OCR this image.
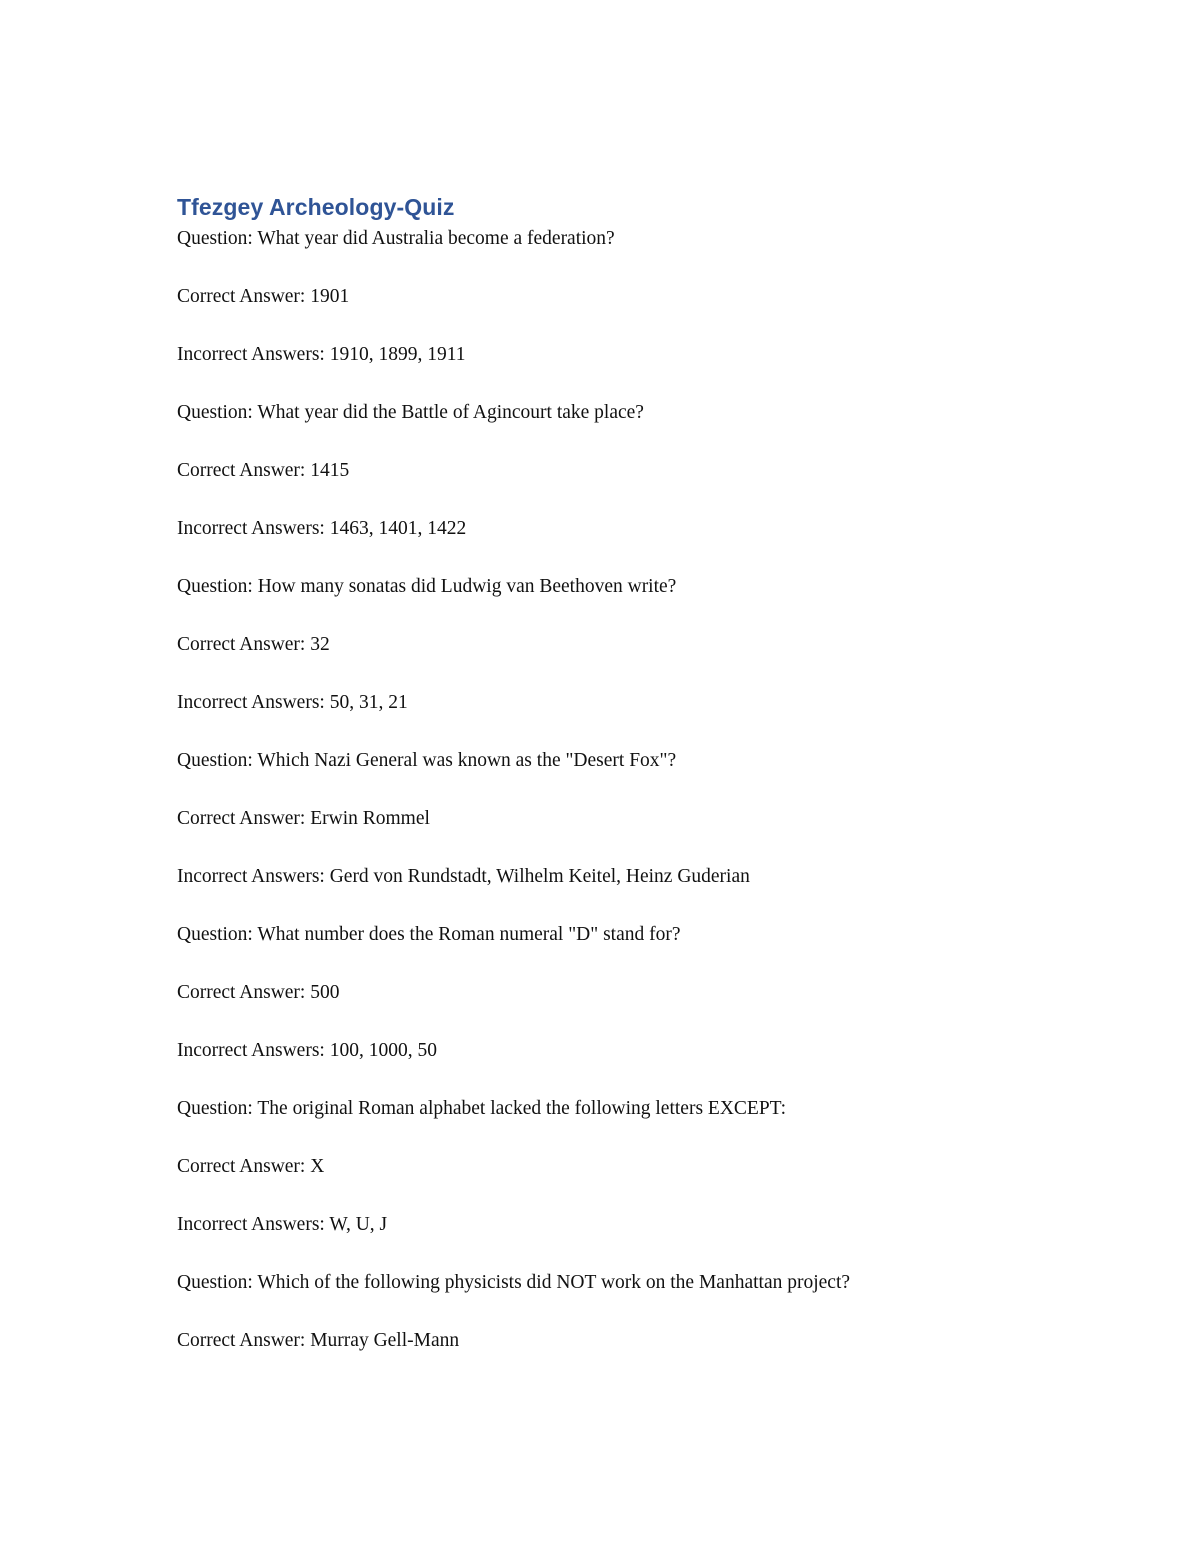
Tfezgey Archeology-Quiz
Question: What year did Australia become a federation?
Correct Answer: 1901
Incorrect Answers: 1910, 1899, 1911
Question: What year did the Battle of Agincourt take place?
Correct Answer: 1415
Incorrect Answers: 1463, 1401, 1422
Question: How many sonatas did Ludwig van Beethoven write?
Correct Answer: 32
Incorrect Answers: 50, 31, 21
Question: Which Nazi General was known as the "Desert Fox"?
Correct Answer: Erwin Rommel
Incorrect Answers: Gerd von Rundstadt, Wilhelm Keitel, Heinz Guderian
Question: What number does the Roman numeral "D" stand for?
Correct Answer: 500
Incorrect Answers: 100, 1000, 50
Question: The original Roman alphabet lacked the following letters EXCEPT:
Correct Answer: X
Incorrect Answers: W, U, J
Question: Which of the following physicists did NOT work on the Manhattan project?
Correct Answer: Murray Gell-Mann
